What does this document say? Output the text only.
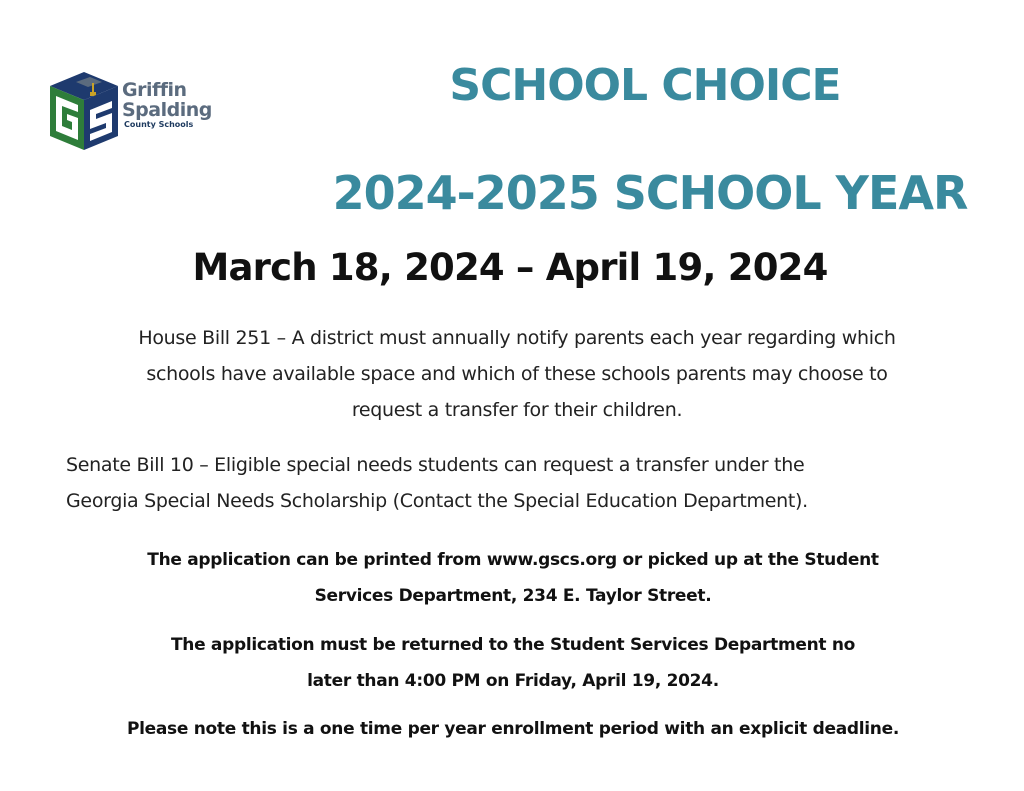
Griffin
Spalding
County Schools
SCHOOL CHOICE
2024-2025 SCHOOL YEAR
March 18, 2024 – April 19, 2024

House Bill 251 – A district must annually notify parents each year regarding which
schools have available space and which of these schools parents may choose to
request a transfer for their children.

Senate Bill 10 – Eligible special needs students can request a transfer under the
Georgia Special Needs Scholarship (Contact the Special Education Department).

The application can be printed from www.gscs.org or picked up at the Student
Services Department, 234 E. Taylor Street.

The application must be returned to the Student Services Department no
later than 4:00 PM on Friday, April 19, 2024.

Please note this is a one time per year enrollment period with an explicit deadline.
